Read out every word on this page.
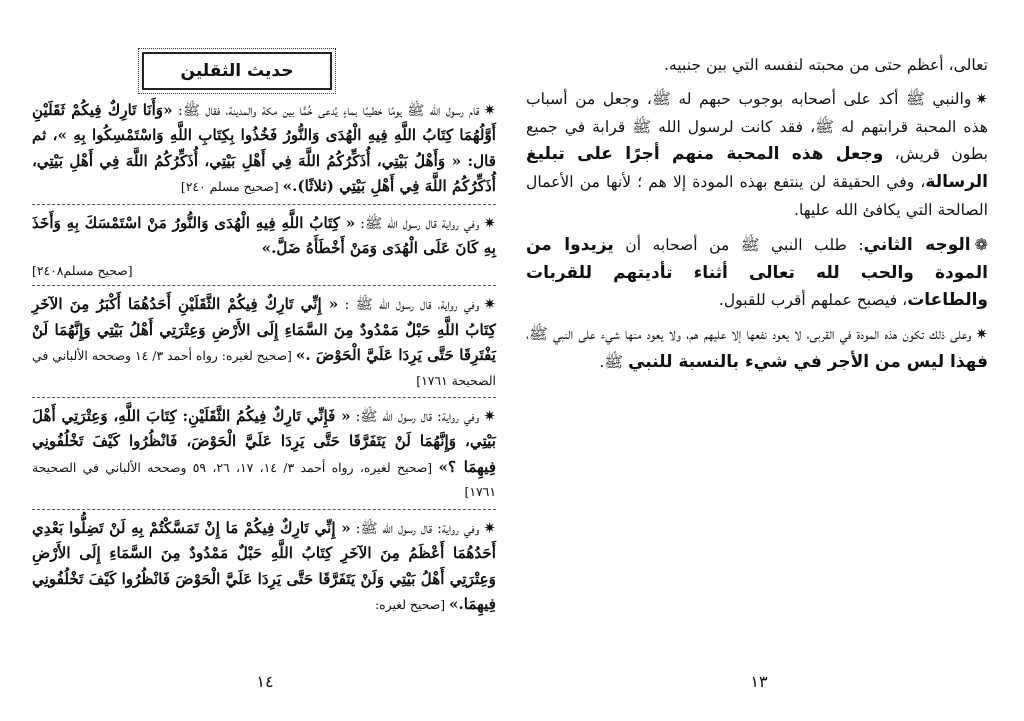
حديث الثقلين
✷قام رسول الله ﷺ يومًا خطيبًا بماءٍ يُدعى خُمًّا بين مكة والمدينة، فقال ﷺ: «وَأَنَا تَارِكٌ فِيكُمْ ثَقَلَيْنِ أَوَّلُهُمَا كِتَابُ اللَّهِ فِيهِ الْهُدَى وَالنُّورُ فَخُذُوا بِكِتَابِ اللَّهِ وَاسْتَمْسِكُوا بِهِ »، ثم قال: « وَأَهْلُ بَيْتِي، أُذَكِّرُكُمُ اللَّهَ فِي أَهْلِ بَيْتِي، أُذَكِّرُكُمُ اللَّهَ فِي أَهْلِ بَيْتِي، أُذَكِّرُكُمُ اللَّهَ فِي أَهْلِ بَيْتِي (ثلاثًا).» [صحيح مسلم ٢٤٠]
✷وفي رواية قال رسول الله ﷺ: « كِتَابُ اللَّهِ فِيهِ الْهُدَى وَالنُّورُ مَنْ اسْتَمْسَكَ بِهِ وَأَخَذَ بِهِ كَانَ عَلَى الْهُدَى وَمَنْ أَخْطَأَهُ ضَلَّ.»
[صحيح مسلم٢٤٠٨]
✷وفي رواية، قال رسول الله ﷺ : « إِنِّي تَارِكٌ فِيكُمْ الثَّقَلَيْنِ أَحَدُهُمَا أَكْبَرُ مِنَ الآخَرِ كِتَابُ اللَّهِ حَبْلٌ مَمْدُودٌ مِنَ السَّمَاءِ إِلَى الأَرْضِ وَعِتْرَتِي أَهْلُ بَيْتِي وَإِنَّهُمَا لَنْ يَفْتَرِقَا حَتَّى يَرِدَا عَلَيَّ الْحَوْضَ .» [صحيح لغيره: رواه أحمد ٣/ ١٤ وصححه الألباني في الصحيحة ١٧٦١]
✷وفي رواية: قال رسول الله ﷺ: « فَإِنِّي تَارِكٌ فِيكُمُ الثَّقَلَيْنِ: كِتَابَ اللَّهِ، وَعِتْرَتِي أَهْلَ بَيْتِي، وَإِنَّهُمَا لَنْ يَتَفَرَّقَا حَتَّى يَرِدَا عَلَيَّ الْحَوْضَ، فَانْظُرُوا كَيْفَ تَخْلُفُونِي فِيهِمَا ؟» [صحيح لغيره، رواه أحمد ٣/ ١٤، ١٧، ٢٦، ٥٩ وصححه الألباني في الصحيحة ١٧٦١]
✷وفي رواية: قال رسول الله ﷺ: « إِنِّي تَارِكٌ فِيكُمْ مَا إِنْ تَمَسَّكْتُمْ بِهِ لَنْ تَضِلُّوا بَعْدِي أَحَدُهُمَا أَعْظَمُ مِنَ الآخَرِ كِتَابُ اللَّهِ حَبْلٌ مَمْدُودٌ مِنَ السَّمَاءِ إِلَى الأَرْضِ وَعِتْرَتِي أَهْلُ بَيْتِي وَلَنْ يَتَفَرَّقَا حَتَّى يَرِدَا عَلَيَّ الْحَوْضَ فَانْظُرُوا كَيْفَ تَخْلُفُونِي فِيهِمَا.» [صحيح لغيره:
١٤

تعالى، أعظم حتى من محبته لنفسه التي بين جنبيه.

✷والنبي ﷺ أكد على أصحابه بوجوب حبهم له ﷺ، وجعل من أسباب هذه المحبة قرابتهم له ﷺ، فقد كانت لرسول الله ﷺ قرابة في جميع بطون قريش، وجعل هذه المحبة منهم أجرًا على تبليغ الرسالة، وفي الحقيقة لن ينتفع بهذه المودة إلا هم ؛ لأنها من الأعمال الصالحة التي يكافئ الله عليها.

❁الوجه الثاني: طلب النبي ﷺ من أصحابه أن يزيدوا من المودة والحب لله تعالى أثناء تأديتهم للقربات والطاعات، فيصبح عملهم أقرب للقبول.

✷وعلى ذلك تكون هذه المودة في القربى، لا يعود نفعها إلا عليهم هم، ولا يعود منها شيء على النبي ﷺ، فهذا ليس من الأجر في شيء بالنسبة للنبي ﷺ.

١٣
